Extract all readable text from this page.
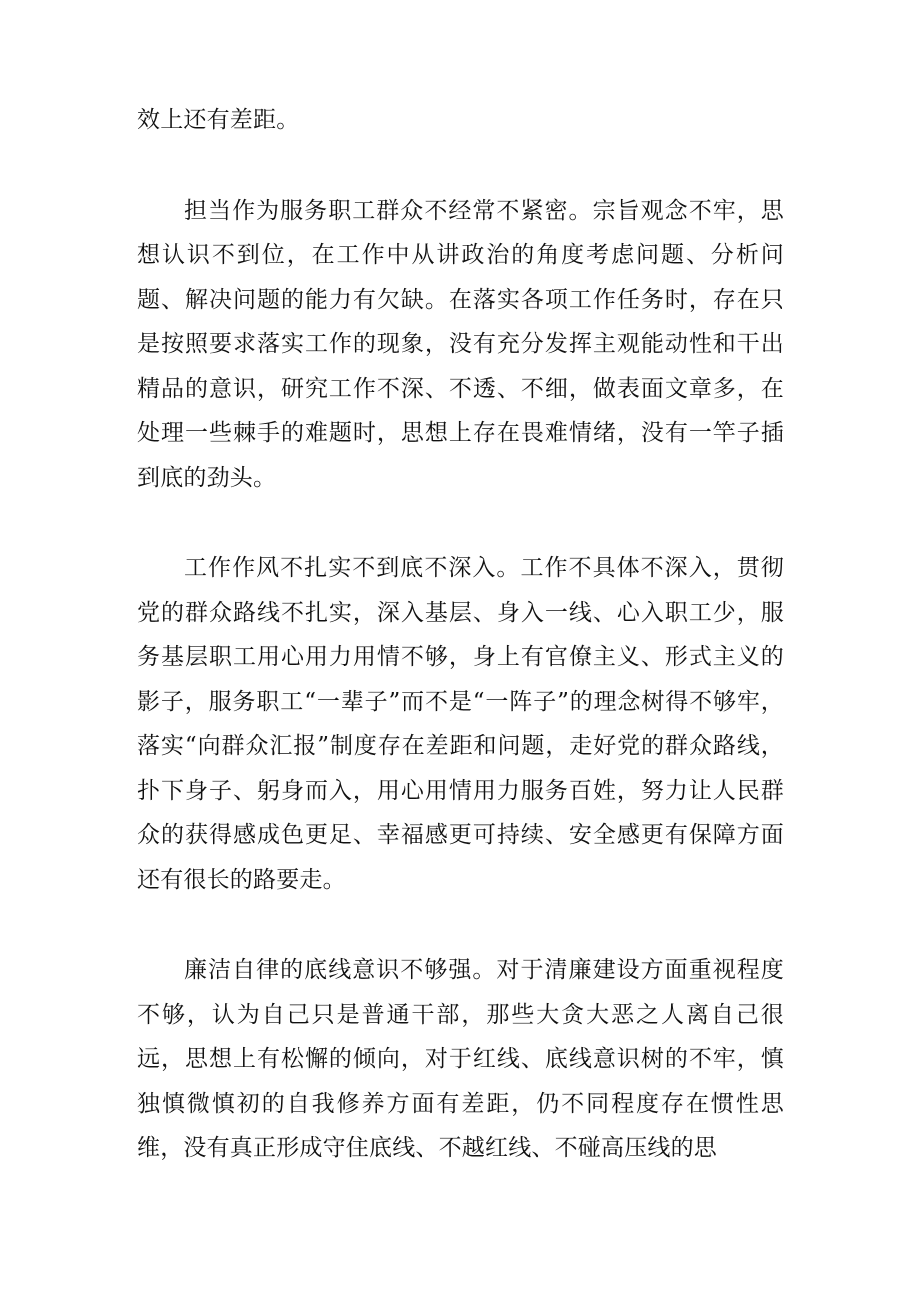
效上还有差距。

担当作为服务职工群众不经常不紧密。宗旨观念不牢，思想认识不到位，在工作中从讲政治的角度考虑问题、分析问题、解决问题的能力有欠缺。在落实各项工作任务时，存在只是按照要求落实工作的现象，没有充分发挥主观能动性和干出精品的意识，研究工作不深、不透、不细，做表面文章多，在处理一些棘手的难题时，思想上存在畏难情绪，没有一竿子插到底的劲头。

工作作风不扎实不到底不深入。工作不具体不深入，贯彻党的群众路线不扎实，深入基层、身入一线、心入职工少，服务基层职工用心用力用情不够，身上有官僚主义、形式主义的影子，服务职工“一辈子”而不是“一阵子”的理念树得不够牢，落实“向群众汇报”制度存在差距和问题，走好党的群众路线，扑下身子、躬身而入，用心用情用力服务百姓，努力让人民群众的获得感成色更足、幸福感更可持续、安全感更有保障方面还有很长的路要走。

廉洁自律的底线意识不够强。对于清廉建设方面重视程度不够，认为自己只是普通干部，那些大贪大恶之人离自己很远，思想上有松懈的倾向，对于红线、底线意识树的不牢，慎独慎微慎初的自我修养方面有差距，仍不同程度存在惯性思维，没有真正形成守住底线、不越红线、不碰高压线的思
